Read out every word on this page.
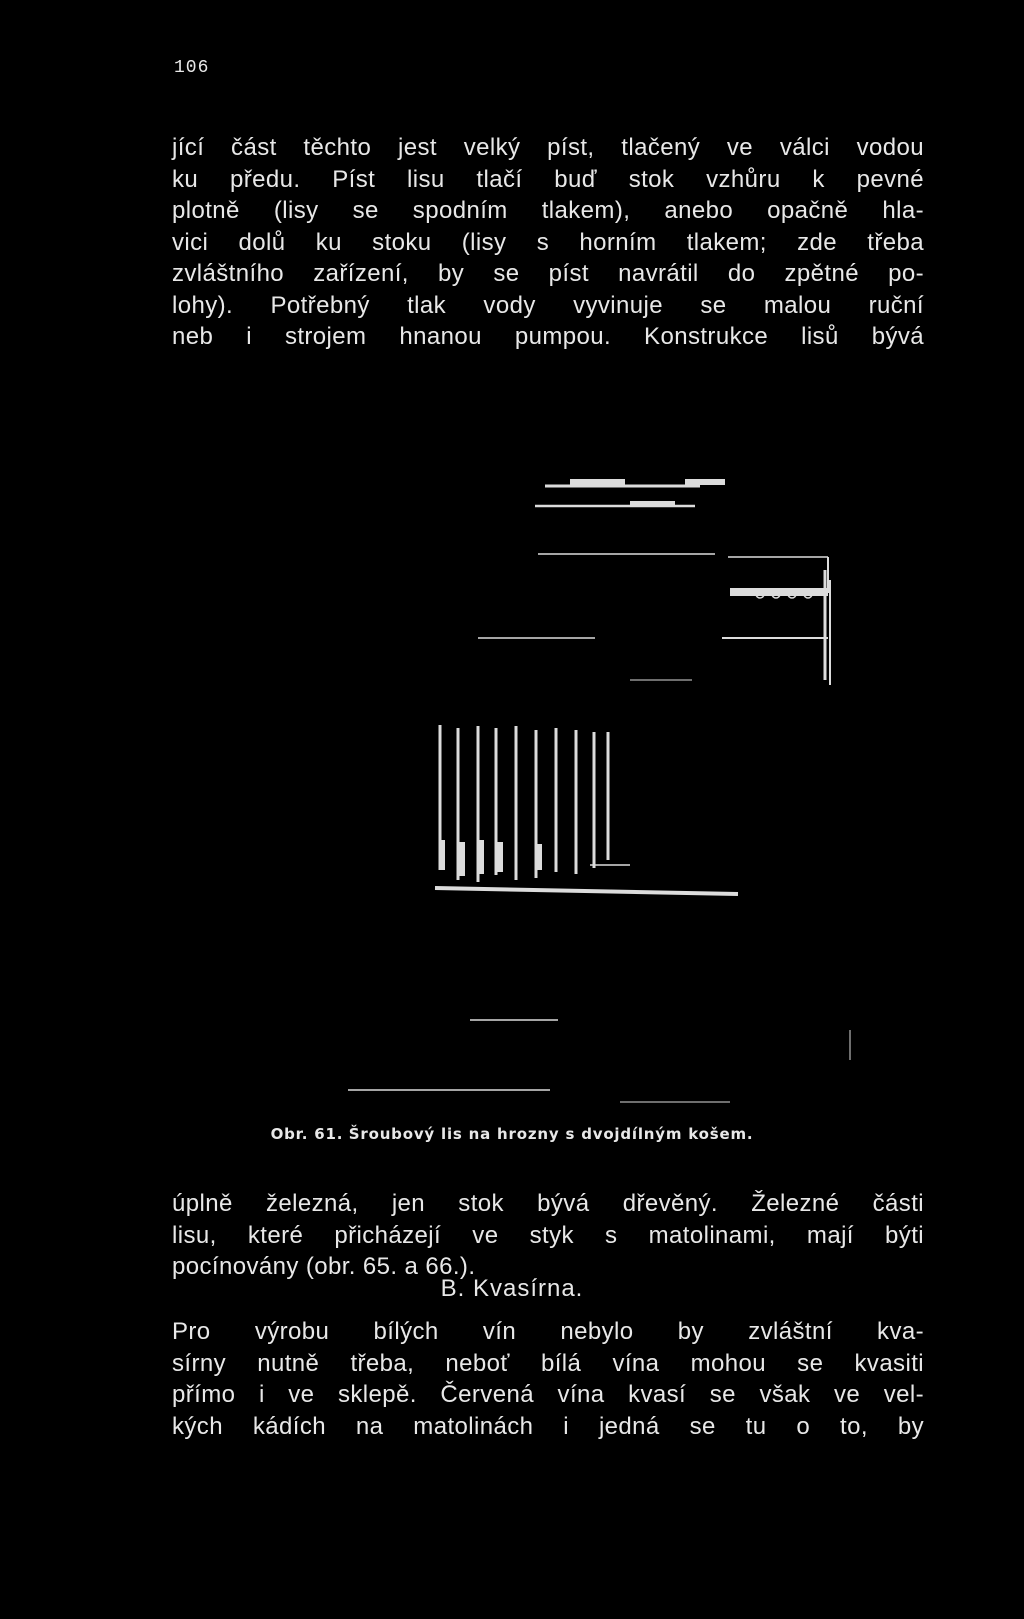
106
jící část těchto jest velký píst, tlačený ve válci vodou
ku předu. Píst lisu tlačí buď stok vzhůru k pevné
plotně (lisy se spodním tlakem), anebo opačně hla-
vici dolů ku stoku (lisy s horním tlakem; zde třeba
zvláštního zařízení, by se píst navrátil do zpětné po-
lohy). Potřebný tlak vody vyvinuje se malou ruční
neb i strojem hnanou pumpou. Konstrukce lisů bývá
Obr. 61. Šroubový lis na hrozny s dvojdílným košem.
úplně železná, jen stok bývá dřevěný. Železné části
lisu, které přicházejí ve styk s matolinami, mají býti
pocínovány (obr. 65. a 66.).
B. Kvasírna.
Pro výrobu bílých vín nebylo by zvláštní kva-
sírny nutně třeba, neboť bílá vína mohou se kvasiti
přímo i ve sklepě. Červená vína kvasí se však ve vel-
kých kádích na matolinách i jedná se tu o to, by
